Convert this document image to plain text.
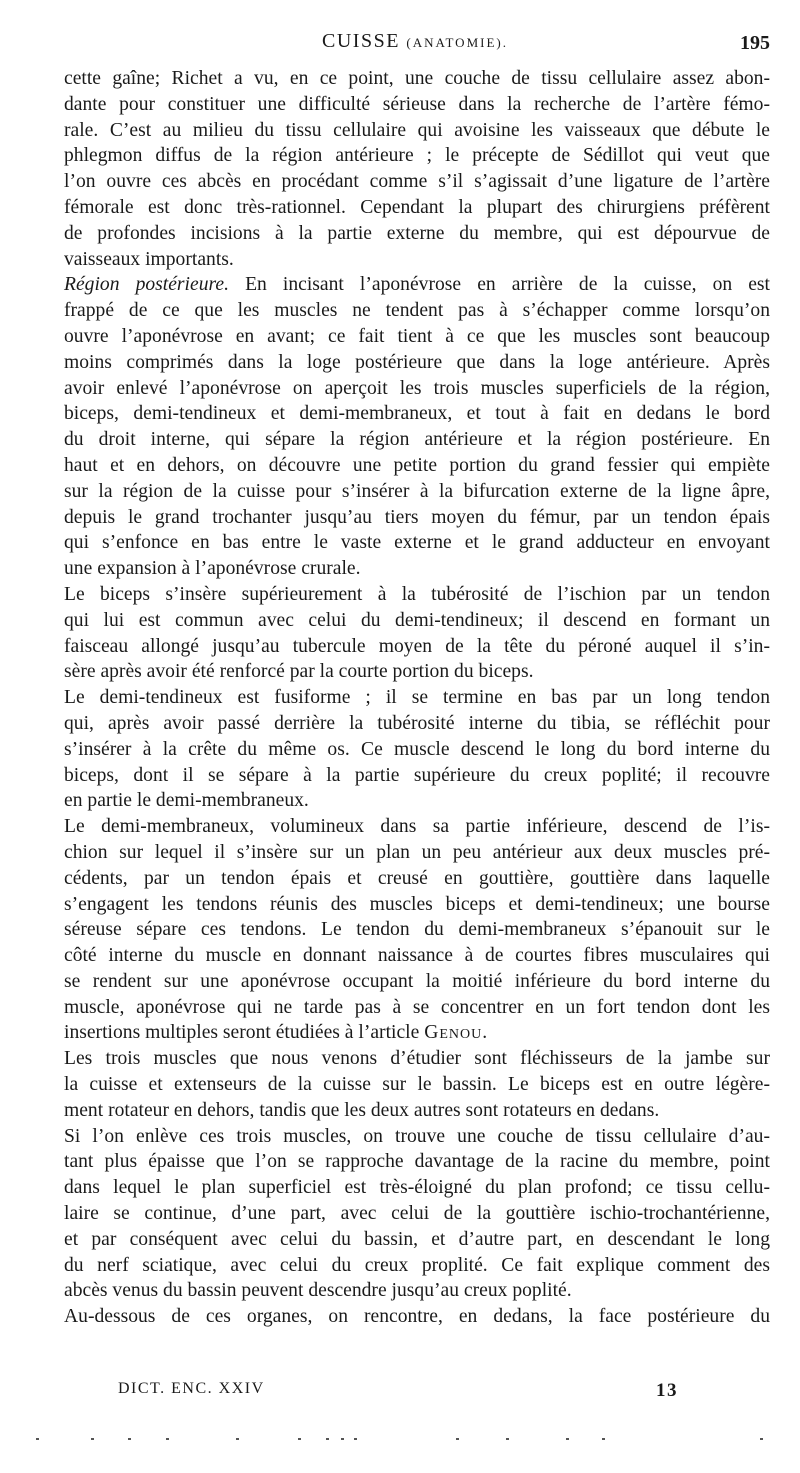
CUISSE (ANATOMIE).	195
cette gaîne; Richet a vu, en ce point, une couche de tissu cellulaire assez abon-
dante pour constituer une difficulté sérieuse dans la recherche de l’artère fémo-
rale. C’est au milieu du tissu cellulaire qui avoisine les vaisseaux que débute le
phlegmon diffus de la région antérieure ; le précepte de Sédillot qui veut que
l’on ouvre ces abcès en procédant comme s’il s’agissait d’une ligature de l’artère
fémorale est donc très-rationnel. Cependant la plupart des chirurgiens préfèrent
de profondes incisions à la partie externe du membre, qui est dépourvue de
vaisseaux importants.
Région postérieure. En incisant l’aponévrose en arrière de la cuisse, on est
frappé de ce que les muscles ne tendent pas à s’échapper comme lorsqu’on
ouvre l’aponévrose en avant; ce fait tient à ce que les muscles sont beaucoup
moins comprimés dans la loge postérieure que dans la loge antérieure. Après
avoir enlevé l’aponévrose on aperçoit les trois muscles superficiels de la région,
biceps, demi-tendineux et demi-membraneux, et tout à fait en dedans le bord
du droit interne, qui sépare la région antérieure et la région postérieure. En
haut et en dehors, on découvre une petite portion du grand fessier qui empiète
sur la région de la cuisse pour s’insérer à la bifurcation externe de la ligne âpre,
depuis le grand trochanter jusqu’au tiers moyen du fémur, par un tendon épais
qui s’enfonce en bas entre le vaste externe et le grand adducteur en envoyant
une expansion à l’aponévrose crurale.
Le biceps s’insère supérieurement à la tubérosité de l’ischion par un tendon
qui lui est commun avec celui du demi-tendineux; il descend en formant un
faisceau allongé jusqu’au tubercule moyen de la tête du péroné auquel il s’in-
sère après avoir été renforcé par la courte portion du biceps.
Le demi-tendineux est fusiforme ; il se termine en bas par un long tendon
qui, après avoir passé derrière la tubérosité interne du tibia, se réfléchit pour
s’insérer à la crête du même os. Ce muscle descend le long du bord interne du
biceps, dont il se sépare à la partie supérieure du creux poplité; il recouvre
en partie le demi-membraneux.
Le demi-membraneux, volumineux dans sa partie inférieure, descend de l’is-
chion sur lequel il s’insère sur un plan un peu antérieur aux deux muscles pré-
cédents, par un tendon épais et creusé en gouttière, gouttière dans laquelle
s’engagent les tendons réunis des muscles biceps et demi-tendineux; une bourse
séreuse sépare ces tendons. Le tendon du demi-membraneux s’épanouit sur le
côté interne du muscle en donnant naissance à de courtes fibres musculaires qui
se rendent sur une aponévrose occupant la moitié inférieure du bord interne du
muscle, aponévrose qui ne tarde pas à se concentrer en un fort tendon dont les
insertions multiples seront étudiées à l’article Genou.
Les trois muscles que nous venons d’étudier sont fléchisseurs de la jambe sur
la cuisse et extenseurs de la cuisse sur le bassin. Le biceps est en outre légère-
ment rotateur en dehors, tandis que les deux autres sont rotateurs en dedans.
Si l’on enlève ces trois muscles, on trouve une couche de tissu cellulaire d’au-
tant plus épaisse que l’on se rapproche davantage de la racine du membre, point
dans lequel le plan superficiel est très-éloigné du plan profond; ce tissu cellu-
laire se continue, d’une part, avec celui de la gouttière ischio-trochantérienne,
et par conséquent avec celui du bassin, et d’autre part, en descendant le long
du nerf sciatique, avec celui du creux proplité. Ce fait explique comment des
abcès venus du bassin peuvent descendre jusqu’au creux poplité.
Au-dessous de ces organes, on rencontre, en dedans, la face postérieure du
DICT. ENC. XXIV	13
